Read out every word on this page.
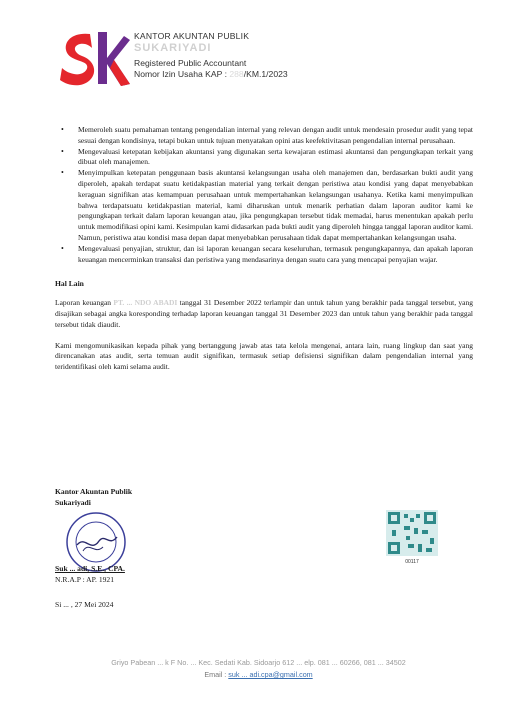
KANTOR AKUNTAN PUBLIK
SUKARIYADI
Registered Public Accountant
Nomor Izin Usaha KAP : 288/KM.1/2023
• Memeroleh suatu pemahaman tentang pengendalian internal yang relevan dengan audit untuk mendesain prosedur audit yang tepat sesuai dengan kondisinya, tetapi bukan untuk tujuan menyatakan opini atas keefektivitasan pengendalian internal perusahaan.
• Mengevaluasi ketepatan kebijakan akuntansi yang digunakan serta kewajaran estimasi akuntansi dan pengungkapan terkait yang dibuat oleh manajemen.
• Menyimpulkan ketepatan penggunaan basis akuntansi kelangsungan usaha oleh manajemen dan, berdasarkan bukti audit yang diperoleh, apakah terdapat suatu ketidakpastian material yang terkait dengan peristiwa atau kondisi yang dapat menyebabkan keraguan signifikan atas kemampuan perusahaan untuk mempertahankan kelangsungan usahanya. Ketika kami menyimpulkan bahwa terdapatsuatu ketidakpastian material, kami diharuskan untuk menarik perhatian dalam laporan auditor kami ke pengungkapan terkait dalam laporan keuangan atau, jika pengungkapan tersebut tidak memadai, harus menentukan apakah perlu untuk memodifikasi opini kami. Kesimpulan kami didasarkan pada bukti audit yang diperoleh hingga tanggal laporan auditor kami. Namun, peristiwa atau kondisi masa depan dapat menyebabkan perusahaan tidak dapat mempertahankan kelangsungan usaha.
• Mengevaluasi penyajian, struktur, dan isi laporan keuangan secara keseluruhan, termasuk pengungkapannya, dan apakah laporan keuangan mencerminkan transaksi dan peristiwa yang mendasarinya dengan suatu cara yang mencapai penyajian wajar.
Hal Lain

Laporan keuangan PT. ... NDO ABADI tanggal 31 Desember 2022 terlampir dan untuk tahun yang berakhir pada tanggal tersebut, yang disajikan sebagai angka koresponding terhadap laporan keuangan tanggal 31 Desember 2023 dan untuk tahun yang berakhir pada tanggal tersebut tidak diaudit.

Kami mengomunikasikan kepada pihak yang bertanggung jawab atas tata kelola mengenai, antara lain, ruang lingkup dan saat yang direncanakan atas audit, serta temuan audit signifikan, termasuk setiap defisiensi signifikan dalam pengendalian internal yang teridentifikasi oleh kami selama audit.

Kantor Akuntan Publik
Sukariyadi
00117
Suk ... adi, S.E., CPA.
N.R.A.P : AP. 1921
Si ... , 27 Mei 2024
Griyo Pabean ... k F No. ... Kec. Sedati Kab. Sidoarjo 612 ... elp. 081 ... 60266, 081 ... 34502
Email : suk ... adi.cpa@gmail.com
